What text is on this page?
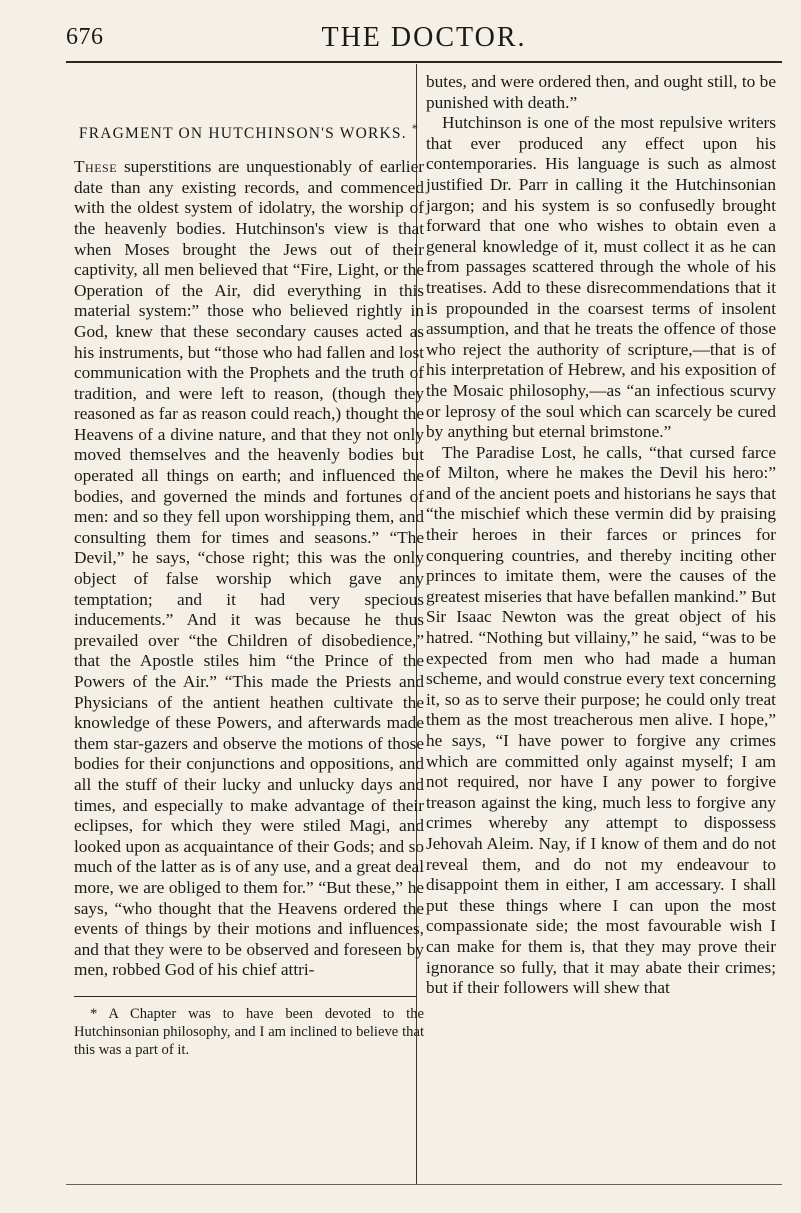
676	THE DOCTOR.
FRAGMENT ON HUTCHINSON'S WORKS. *

These superstitions are unquestionably of earlier date than any existing records, and commenced with the oldest system of idolatry, the worship of the heavenly bodies. Hutchinson's view is that when Moses brought the Jews out of their captivity, all men believed that “Fire, Light, or the Operation of the Air, did everything in this material system:” those who believed rightly in God, knew that these secondary causes acted as his instruments, but “those who had fallen and lost communication with the Prophets and the truth of tradition, and were left to reason, (though they reasoned as far as reason could reach,) thought the Heavens of a divine nature, and that they not only moved themselves and the heavenly bodies but operated all things on earth; and influenced the bodies, and governed the minds and fortunes of men: and so they fell upon worshipping them, and consulting them for times and seasons.” “The Devil,” he says, “chose right; this was the only object of false worship which gave any temptation; and it had very specious inducements.” And it was because he thus prevailed over “the Children of disobedience,” that the Apostle stiles him “the Prince of the Powers of the Air.” “This made the Priests and Physicians of the antient heathen cultivate the knowledge of these Powers, and afterwards made them star-gazers and observe the motions of those bodies for their conjunctions and oppositions, and all the stuff of their lucky and unlucky days and times, and especially to make advantage of their eclipses, for which they were stiled Magi, and looked upon as acquaintance of their Gods; and so much of the latter as is of any use, and a great deal more, we are obliged to them for.” “But these,” he says, “who thought that the Heavens ordered the events of things by their motions and influences, and that they were to be observed and foreseen by men, robbed God of his chief attri-

* A Chapter was to have been devoted to the Hutchinsonian philosophy, and I am inclined to believe that this was a part of it.

butes, and were ordered then, and ought still, to be punished with death.”

Hutchinson is one of the most repulsive writers that ever produced any effect upon his contemporaries. His language is such as almost justified Dr. Parr in calling it the Hutchinsonian jargon; and his system is so confusedly brought forward that one who wishes to obtain even a general knowledge of it, must collect it as he can from passages scattered through the whole of his treatises. Add to these disrecommendations that it is propounded in the coarsest terms of insolent assumption, and that he treats the offence of those who reject the authority of scripture,—that is of his interpretation of Hebrew, and his exposition of the Mosaic philosophy,—as “an infectious scurvy or leprosy of the soul which can scarcely be cured by anything but eternal brimstone.”

The Paradise Lost, he calls, “that cursed farce of Milton, where he makes the Devil his hero:” and of the ancient poets and historians he says that “the mischief which these vermin did by praising their heroes in their farces or princes for conquering countries, and thereby inciting other princes to imitate them, were the causes of the greatest miseries that have befallen mankind.” But Sir Isaac Newton was the great object of his hatred. “Nothing but villainy,” he said, “was to be expected from men who had made a human scheme, and would construe every text concerning it, so as to serve their purpose; he could only treat them as the most treacherous men alive. I hope,” he says, “I have power to forgive any crimes which are committed only against myself; I am not required, nor have I any power to forgive treason against the king, much less to forgive any crimes whereby any attempt to dispossess Jehovah Aleim. Nay, if I know of them and do not reveal them, and do not my endeavour to disappoint them in either, I am accessary. I shall put these things where I can upon the most compassionate side; the most favourable wish I can make for them is, that they may prove their ignorance so fully, that it may abate their crimes; but if their followers will shew that
